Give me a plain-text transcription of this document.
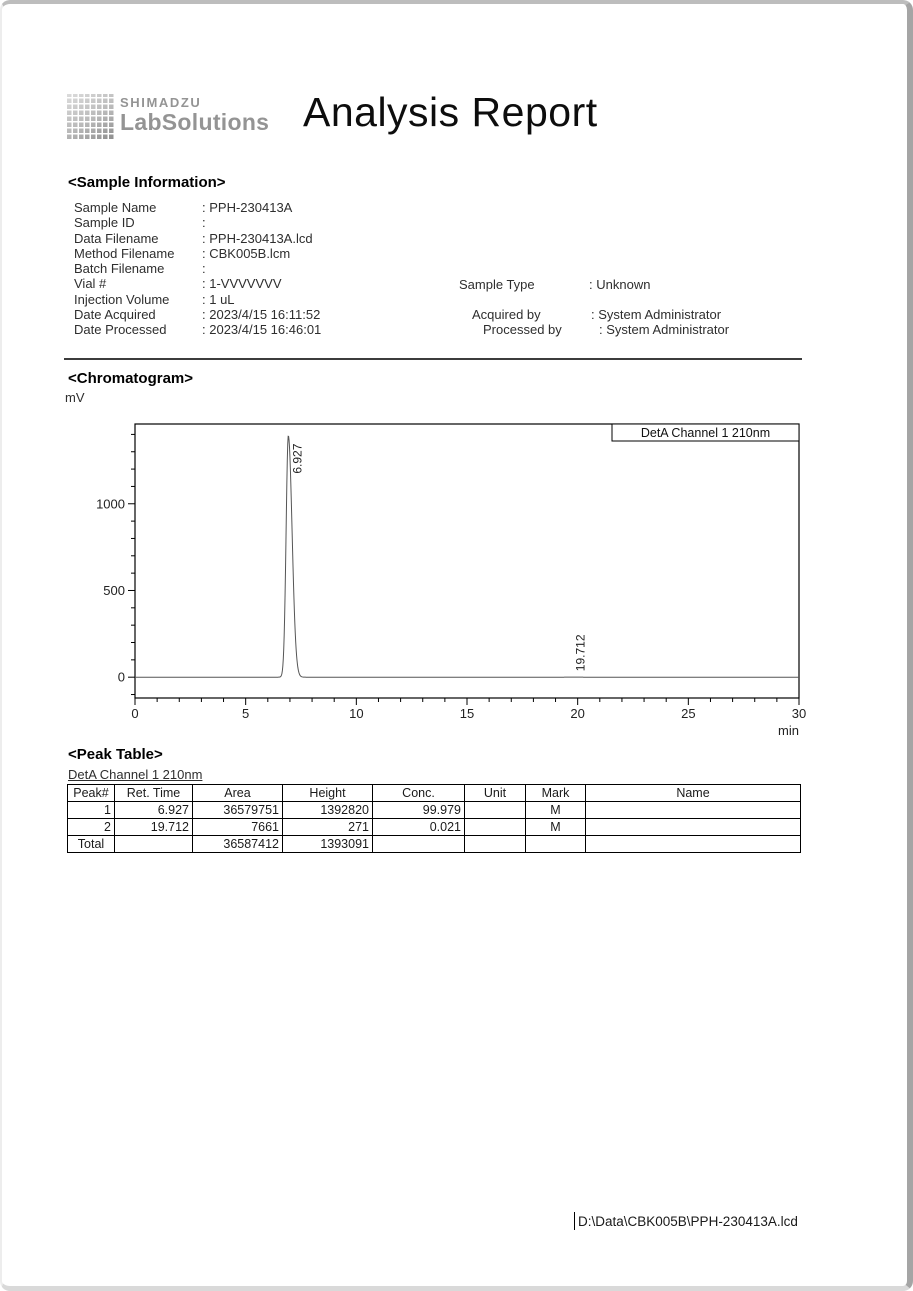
SHIMADZU
LabSolutions Analysis Report
<Sample Information>
Sample Name	: PPH-230413A
Sample ID	:
Data Filename	: PPH-230413A.lcd
Method Filename : CBK005B.lcm
Batch Filename	:
Vial #	: 1-VVVVVVV
Injection Volume	: 1 uL
Date Acquired	: 2023/4/15 16:11:52
Date Processed	: 2023/4/15 16:46:01
<Chromatogram>
mV
0	5	10	15	20	25	30
min
0
500
1000
6.927
19.712
DetA Channel 1 210nm
<Peak Table>
DetA Channel 1 210nm
Peak#	Ret. Time	Area	Height	Conc.	Unit	Mark	Name
1	6.927	36579751	1392820	99.979		M	
2	19.712	7661	271	0.021		M	
Total		36587412	1393091				
D:\Data\CBK005B\PPH-230413A.lcd
Sample Type	: Unknown
Acquired by	: System Administrator
Processed by	: System Administrator
